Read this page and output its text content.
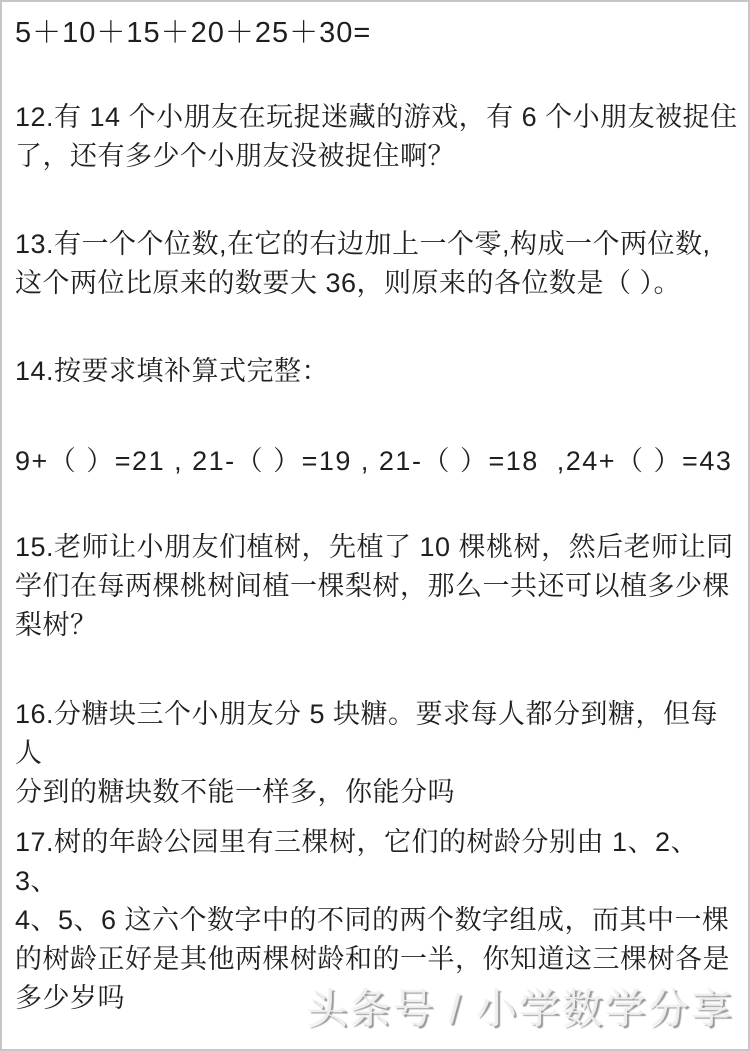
5＋10＋15＋20＋25＋30=
12.有 14 个小朋友在玩捉迷藏的游戏，有 6 个小朋友被捉住
了，还有多少个小朋友没被捉住啊？
13.有一个个位数,在它的右边加上一个零,构成一个两位数,
这个两位比原来的数要大 36，则原来的各位数是（ ）。
14.按要求填补算式完整：
9+（ ）=21 , 21-（ ）=19 , 21-（ ）=18  ,24+（ ）=43
15.老师让小朋友们植树，先植了 10 棵桃树，然后老师让同
学们在每两棵桃树间植一棵梨树，那么一共还可以植多少棵
梨树？
16.分糖块三个小朋友分 5 块糖。要求每人都分到糖，但每人
分到的糖块数不能一样多，你能分吗
17.树的年龄公园里有三棵树，它们的树龄分别由 1、2、3、
4、5、6 这六个数字中的不同的两个数字组成，而其中一棵
的树龄正好是其他两棵树龄和的一半，你知道这三棵树各是
多少岁吗	头条号 / 小学数学分享
